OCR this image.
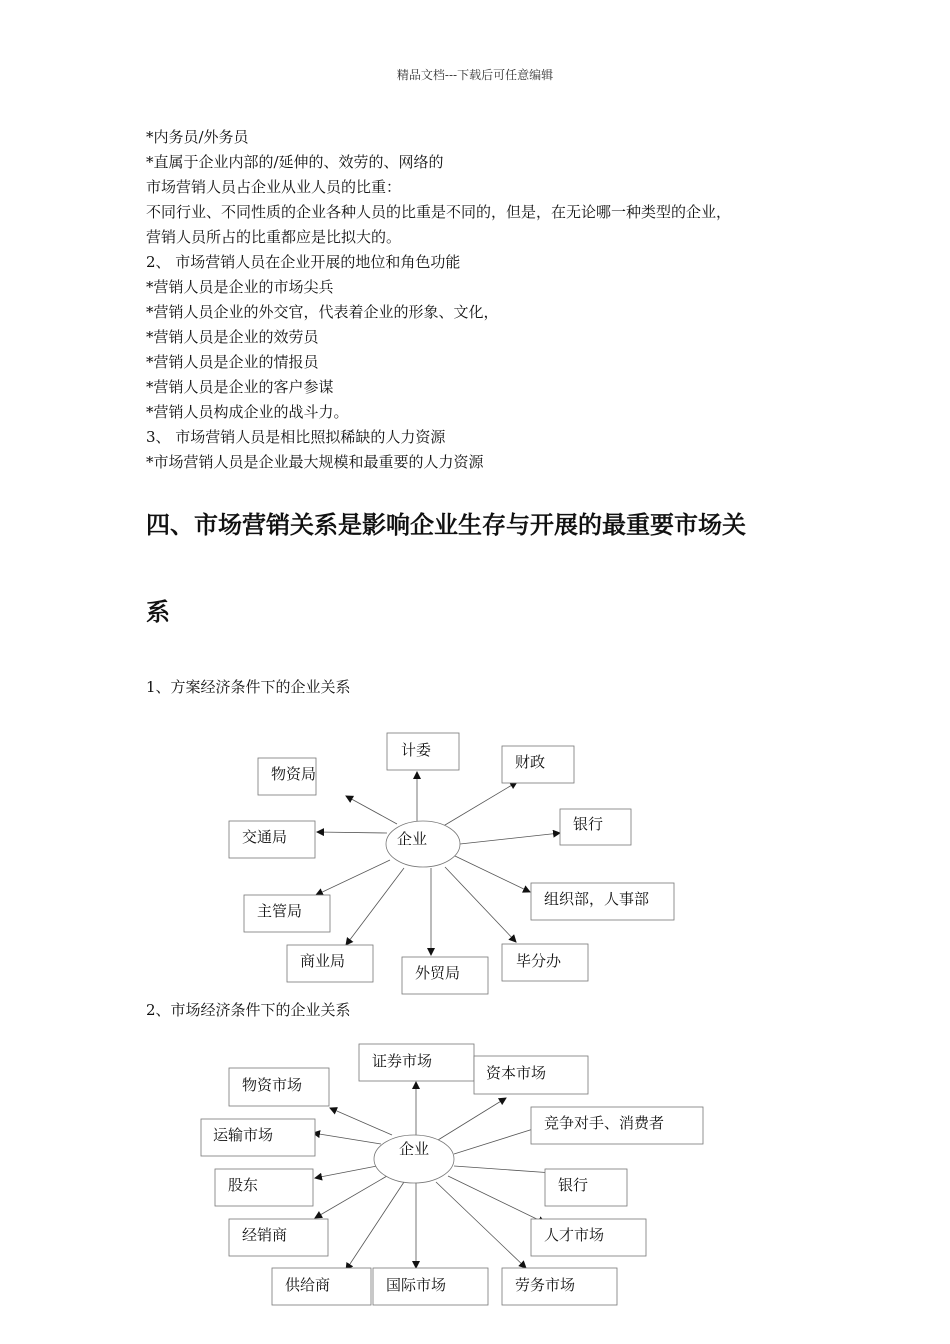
精品文档---下载后可任意编辑
*内务员/外务员
*直属于企业内部的/延伸的、效劳的、网络的
市场营销人员占企业从业人员的比重：
不同行业、不同性质的企业各种人员的比重是不同的，但是，在无论哪一种类型的企业，
营销人员所占的比重都应是比拟大的。
2、 市场营销人员在企业开展的地位和角色功能
*营销人员是企业的市场尖兵
*营销人员企业的外交官，代表着企业的形象、文化，
*营销人员是企业的效劳员
*营销人员是企业的情报员
*营销人员是企业的客户参谋
*营销人员构成企业的战斗力。
3、 市场营销人员是相比照拟稀缺的人力资源
*市场营销人员是企业最大规模和最重要的人力资源
四、市场营销关系是影响企业生存与开展的最重要市场关
系
1、方案经济条件下的企业关系
企业
计委
财政
银行
组织部，人事部
毕分办
外贸局
商业局
主管局
交通局
物资局
2、市场经济条件下的企业关系
企业
证券市场
资本市场
竞争对手、消费者
银行
人才市场
劳务市场
国际市场
供给商
经销商
股东
运输市场
物资市场
